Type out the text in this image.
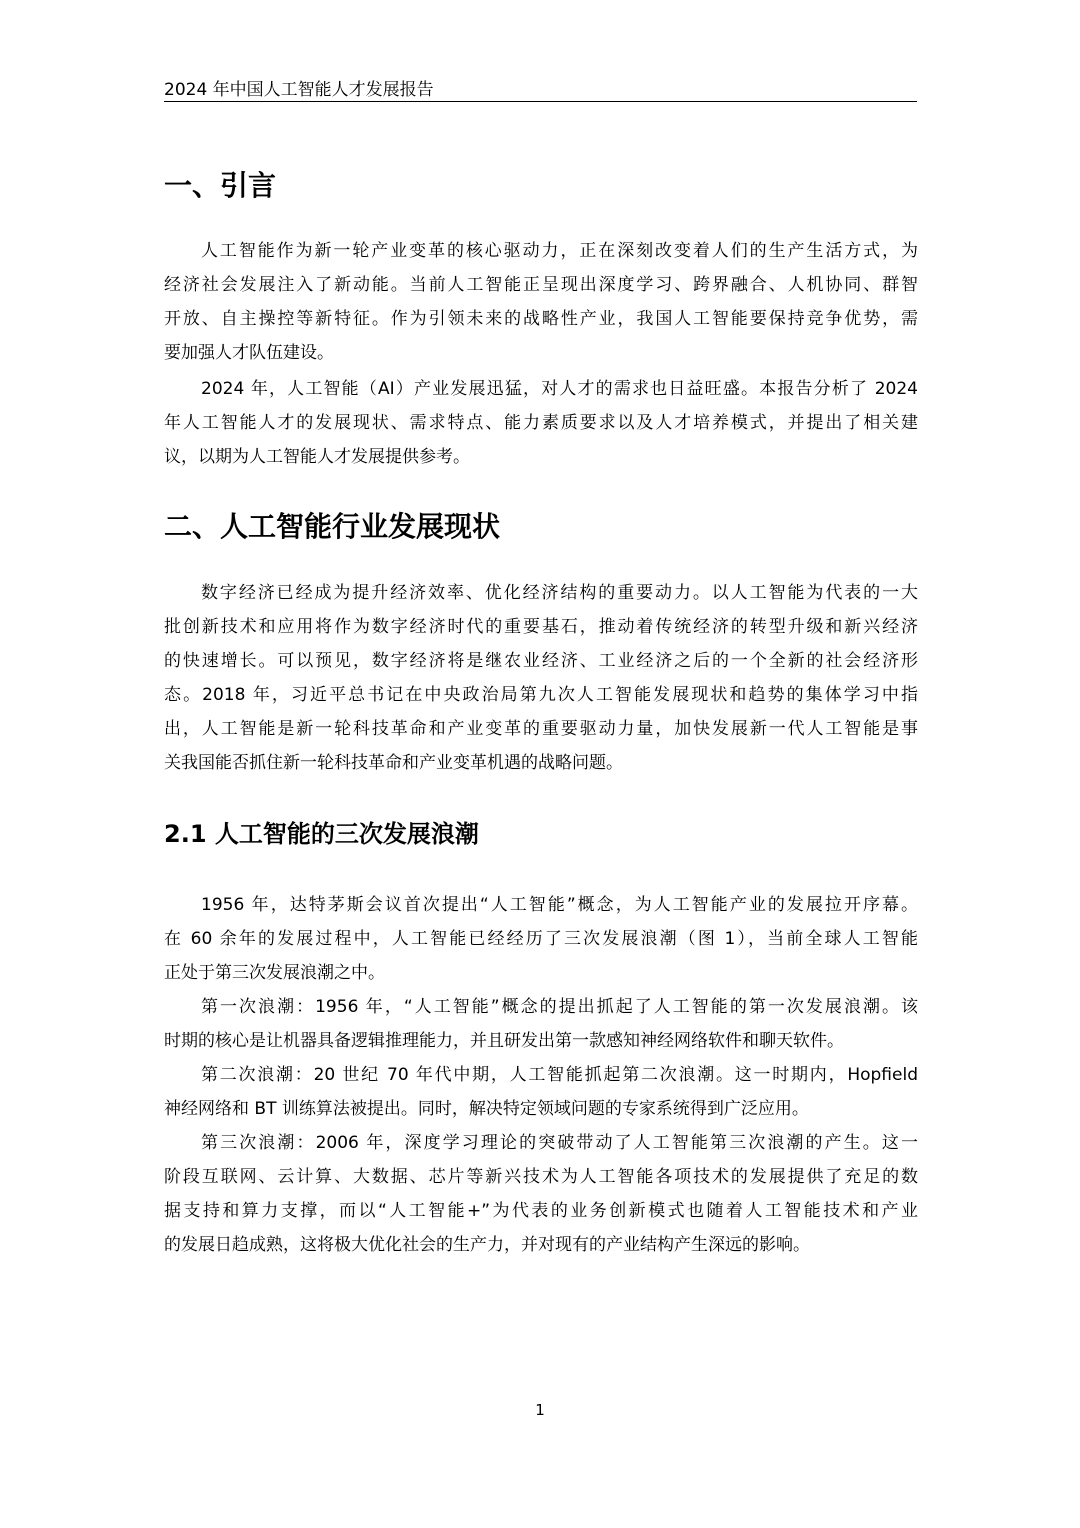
2024 年中国人工智能人才发展报告
一、引言
人工智能作为新一轮产业变革的核心驱动力，正在深刻改变着人们的生产生活方式，为
经济社会发展注入了新动能。当前人工智能正呈现出深度学习、跨界融合、人机协同、群智
开放、自主操控等新特征。作为引领未来的战略性产业，我国人工智能要保持竞争优势，需
要加强人才队伍建设。
2024 年，人工智能（AI）产业发展迅猛，对人才的需求也日益旺盛。本报告分析了 2024
年人工智能人才的发展现状、需求特点、能力素质要求以及人才培养模式，并提出了相关建
议，以期为人工智能人才发展提供参考。
二、人工智能行业发展现状
数字经济已经成为提升经济效率、优化经济结构的重要动力。以人工智能为代表的一大
批创新技术和应用将作为数字经济时代的重要基石，推动着传统经济的转型升级和新兴经济
的快速增长。可以预见，数字经济将是继农业经济、工业经济之后的一个全新的社会经济形
态。2018 年，习近平总书记在中央政治局第九次人工智能发展现状和趋势的集体学习中指
出，人工智能是新一轮科技革命和产业变革的重要驱动力量，加快发展新一代人工智能是事
关我国能否抓住新一轮科技革命和产业变革机遇的战略问题。
2.1 人工智能的三次发展浪潮
1956 年，达特茅斯会议首次提出“人工智能”概念，为人工智能产业的发展拉开序幕。
在 60 余年的发展过程中，人工智能已经经历了三次发展浪潮（图 1），当前全球人工智能
正处于第三次发展浪潮之中。
第一次浪潮：1956 年，“人工智能”概念的提出抓起了人工智能的第一次发展浪潮。该
时期的核心是让机器具备逻辑推理能力，并且研发出第一款感知神经网络软件和聊天软件。
第二次浪潮：20 世纪 70 年代中期，人工智能抓起第二次浪潮。这一时期内，Hopfield
神经网络和 BT 训练算法被提出。同时，解决特定领域问题的专家系统得到广泛应用。
第三次浪潮：2006 年，深度学习理论的突破带动了人工智能第三次浪潮的产生。这一
阶段互联网、云计算、大数据、芯片等新兴技术为人工智能各项技术的发展提供了充足的数
据支持和算力支撑，而以“人工智能+”为代表的业务创新模式也随着人工智能技术和产业
的发展日趋成熟，这将极大优化社会的生产力，并对现有的产业结构产生深远的影响。
1
